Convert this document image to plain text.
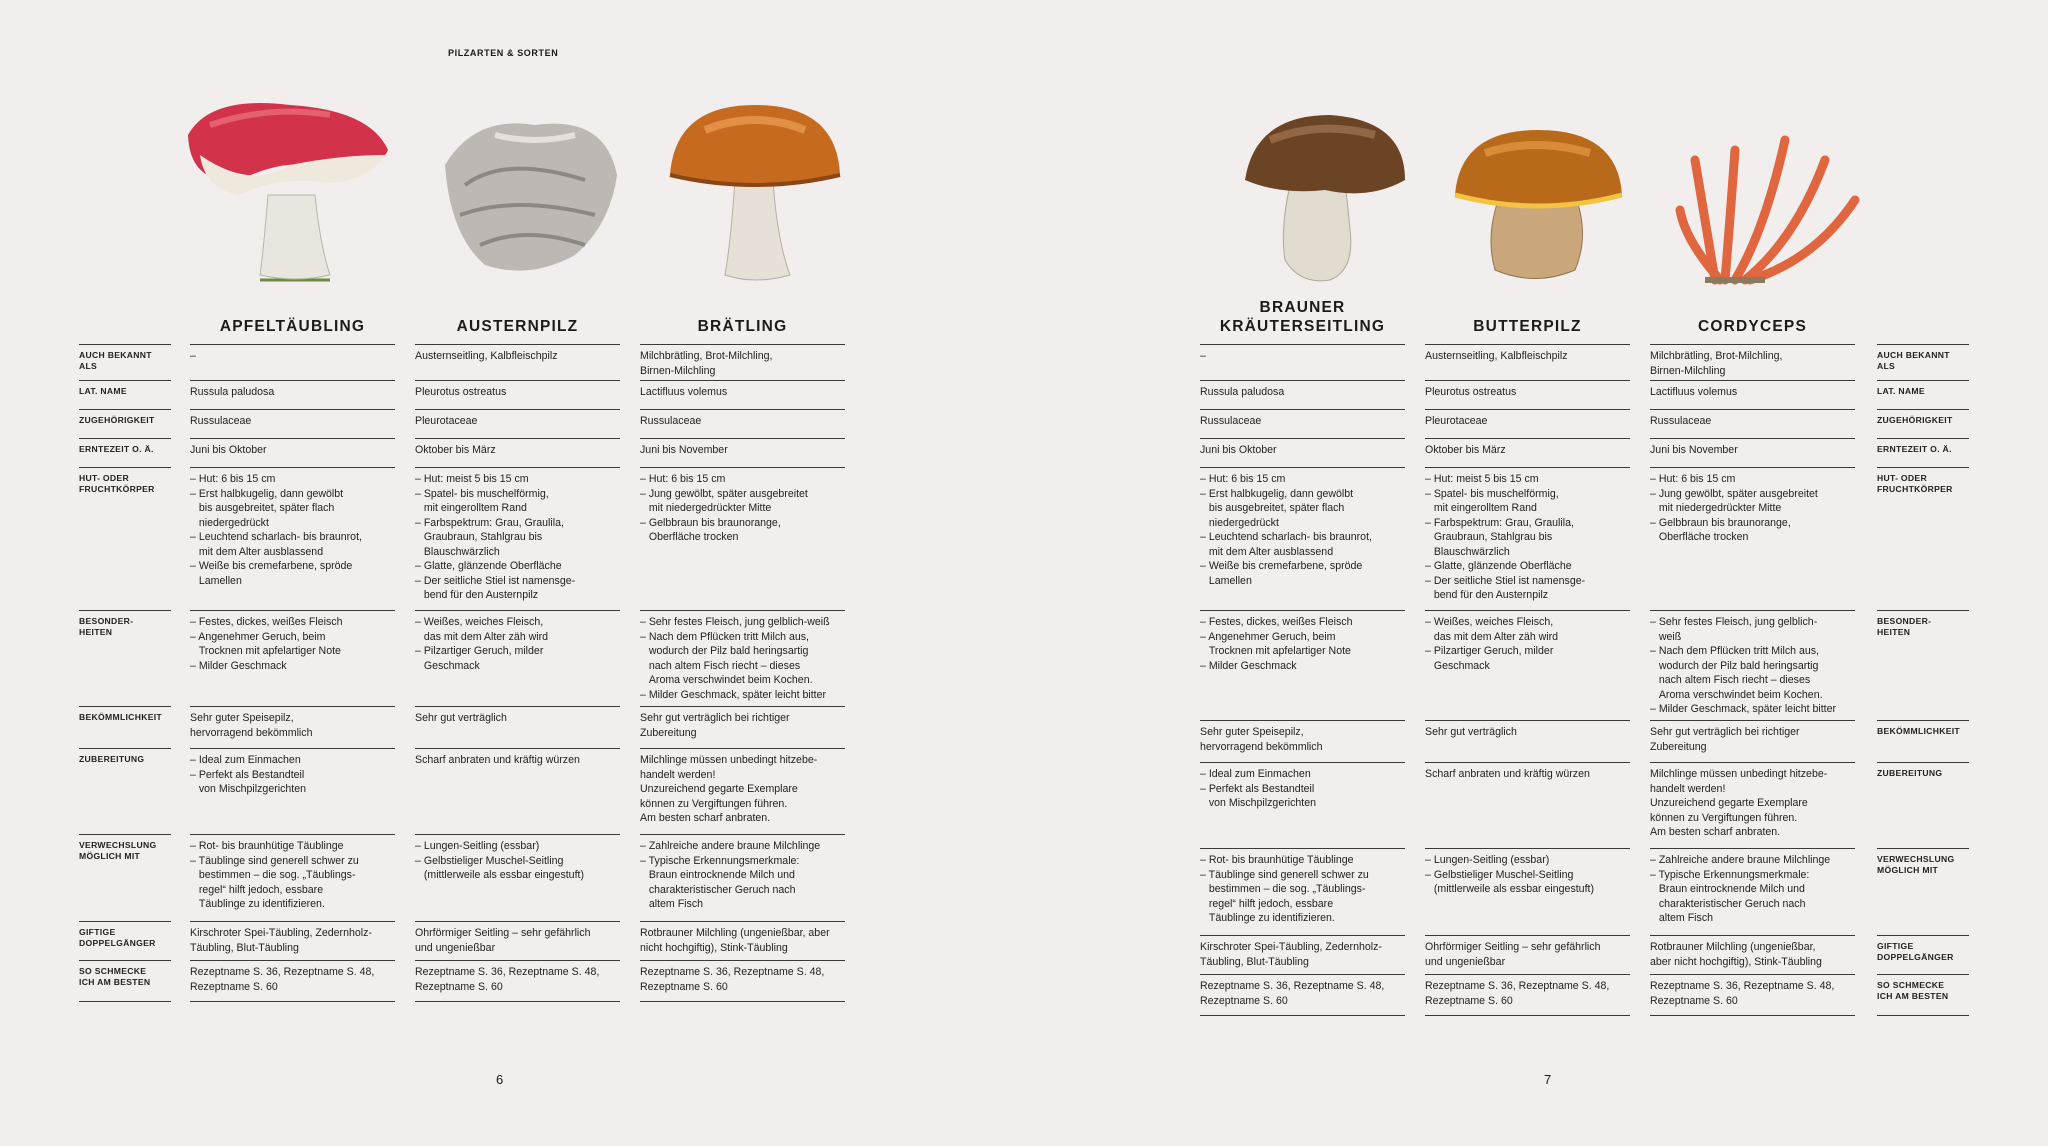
PILZARTEN & SORTEN
6	7
AUCH BEKANNT
ALS
LAT. NAME
ZUGEHÖRIGKEIT
ERNTEZEIT O. Ä.
HUT- ODER
FRUCHTKÖRPER
BESONDER-
HEITEN
BEKÖMMLICHKEIT
ZUBEREITUNG
VERWECHSLUNG
MÖGLICH MIT
GIFTIGE
DOPPELGÄNGER
SO SCHMECKE
ICH AM BESTEN
AUCH BEKANNT
ALS
LAT. NAME
ZUGEHÖRIGKEIT
ERNTEZEIT O. Ä.
HUT- ODER
FRUCHTKÖRPER
BESONDER-
HEITEN
BEKÖMMLICHKEIT
ZUBEREITUNG
VERWECHSLUNG
MÖGLICH MIT
GIFTIGE
DOPPELGÄNGER
SO SCHMECKE
ICH AM BESTEN
APFELTÄUBLING
–
Russula paludosa
Russulaceae
Juni bis Oktober
– Hut: 6 bis 15 cm
– Erst halbkugelig, dann gewölbt
bis ausgebreitet, später flach
niedergedrückt
– Leuchtend scharlach- bis braunrot,
mit dem Alter ausblassend
– Weiße bis cremefarbene, spröde
Lamellen
– Festes, dickes, weißes Fleisch
– Angenehmer Geruch, beim
Trocknen mit apfelartiger Note
– Milder Geschmack
Sehr guter Speisepilz,
hervorragend bekömmlich
– Ideal zum Einmachen
– Perfekt als Bestandteil
von Mischpilzgerichten
– Rot- bis braunhütige Täublinge
– Täublinge sind generell schwer zu
bestimmen – die sog. „Täublings-
regel“ hilft jedoch, essbare
Täublinge zu identifizieren.
Kirschroter Spei-Täubling, Zedernholz-
Täubling, Blut-Täubling
Rezeptname S. 36, Rezeptname S. 48,
Rezeptname S. 60
AUSTERNPILZ
Austernseitling, Kalbfleischpilz
Pleurotus ostreatus
Pleurotaceae
Oktober bis März
– Hut: meist 5 bis 15 cm
– Spatel- bis muschelförmig,
mit eingerolltem Rand
– Farbspektrum: Grau, Graulila,
Graubraun, Stahlgrau bis
Blauschwärzlich
– Glatte, glänzende Oberfläche
– Der seitliche Stiel ist namensge-
bend für den Austernpilz
– Weißes, weiches Fleisch,
das mit dem Alter zäh wird
– Pilzartiger Geruch, milder
Geschmack
Sehr gut verträglich
Scharf anbraten und kräftig würzen
– Lungen-Seitling (essbar)
– Gelbstieliger Muschel-Seitling
(mittlerweile als essbar eingestuft)
Ohrförmiger Seitling – sehr gefährlich
und ungenießbar
Rezeptname S. 36, Rezeptname S. 48,
Rezeptname S. 60
BRÄTLING
Milchbrätling, Brot-Milchling,
Birnen-Milchling
Lactifluus volemus
Russulaceae
Juni bis November
– Hut: 6 bis 15 cm
– Jung gewölbt, später ausgebreitet
mit niedergedrückter Mitte
– Gelbbraun bis braunorange,
Oberfläche trocken
– Sehr festes Fleisch, jung gelblich-weiß
– Nach dem Pflücken tritt Milch aus,
wodurch der Pilz bald heringsartig
nach altem Fisch riecht – dieses
Aroma verschwindet beim Kochen.
– Milder Geschmack, später leicht bitter
Sehr gut verträglich bei richtiger
Zubereitung
Milchlinge müssen unbedingt hitzebe-
handelt werden!
Unzureichend gegarte Exemplare
können zu Vergiftungen führen.
Am besten scharf anbraten.
– Zahlreiche andere braune Milchlinge
– Typische Erkennungsmerkmale:
Braun eintrocknende Milch und
charakteristischer Geruch nach
altem Fisch
Rotbrauner Milchling (ungenießbar, aber
nicht hochgiftig), Stink-Täubling
Rezeptname S. 36, Rezeptname S. 48,
Rezeptname S. 60
BRAUNER
KRÄUTERSEITLING
–
Russula paludosa
Russulaceae
Juni bis Oktober
– Hut: 6 bis 15 cm
– Erst halbkugelig, dann gewölbt
bis ausgebreitet, später flach
niedergedrückt
– Leuchtend scharlach- bis braunrot,
mit dem Alter ausblassend
– Weiße bis cremefarbene, spröde
Lamellen
– Festes, dickes, weißes Fleisch
– Angenehmer Geruch, beim
Trocknen mit apfelartiger Note
– Milder Geschmack
Sehr guter Speisepilz,
hervorragend bekömmlich
– Ideal zum Einmachen
– Perfekt als Bestandteil
von Mischpilzgerichten
– Rot- bis braunhütige Täublinge
– Täublinge sind generell schwer zu
bestimmen – die sog. „Täublings-
regel“ hilft jedoch, essbare
Täublinge zu identifizieren.
Kirschroter Spei-Täubling, Zedernholz-
Täubling, Blut-Täubling
Rezeptname S. 36, Rezeptname S. 48,
Rezeptname S. 60
BUTTERPILZ
Austernseitling, Kalbfleischpilz
Pleurotus ostreatus
Pleurotaceae
Oktober bis März
– Hut: meist 5 bis 15 cm
– Spatel- bis muschelförmig,
mit eingerolltem Rand
– Farbspektrum: Grau, Graulila,
Graubraun, Stahlgrau bis
Blauschwärzlich
– Glatte, glänzende Oberfläche
– Der seitliche Stiel ist namensge-
bend für den Austernpilz
– Weißes, weiches Fleisch,
das mit dem Alter zäh wird
– Pilzartiger Geruch, milder
Geschmack
Sehr gut verträglich
Scharf anbraten und kräftig würzen
– Lungen-Seitling (essbar)
– Gelbstieliger Muschel-Seitling
(mittlerweile als essbar eingestuft)
Ohrförmiger Seitling – sehr gefährlich
und ungenießbar
Rezeptname S. 36, Rezeptname S. 48,
Rezeptname S. 60
CORDYCEPS
Milchbrätling, Brot-Milchling,
Birnen-Milchling
Lactifluus volemus
Russulaceae
Juni bis November
– Hut: 6 bis 15 cm
– Jung gewölbt, später ausgebreitet
mit niedergedrückter Mitte
– Gelbbraun bis braunorange,
Oberfläche trocken
– Sehr festes Fleisch, jung gelblich-
weiß
– Nach dem Pflücken tritt Milch aus,
wodurch der Pilz bald heringsartig
nach altem Fisch riecht – dieses
Aroma verschwindet beim Kochen.
– Milder Geschmack, später leicht bitter
Sehr gut verträglich bei richtiger
Zubereitung
Milchlinge müssen unbedingt hitzebe-
handelt werden!
Unzureichend gegarte Exemplare
können zu Vergiftungen führen.
Am besten scharf anbraten.
– Zahlreiche andere braune Milchlinge
– Typische Erkennungsmerkmale:
Braun eintrocknende Milch und
charakteristischer Geruch nach
altem Fisch
Rotbrauner Milchling (ungenießbar,
aber nicht hochgiftig), Stink-Täubling
Rezeptname S. 36, Rezeptname S. 48,
Rezeptname S. 60
